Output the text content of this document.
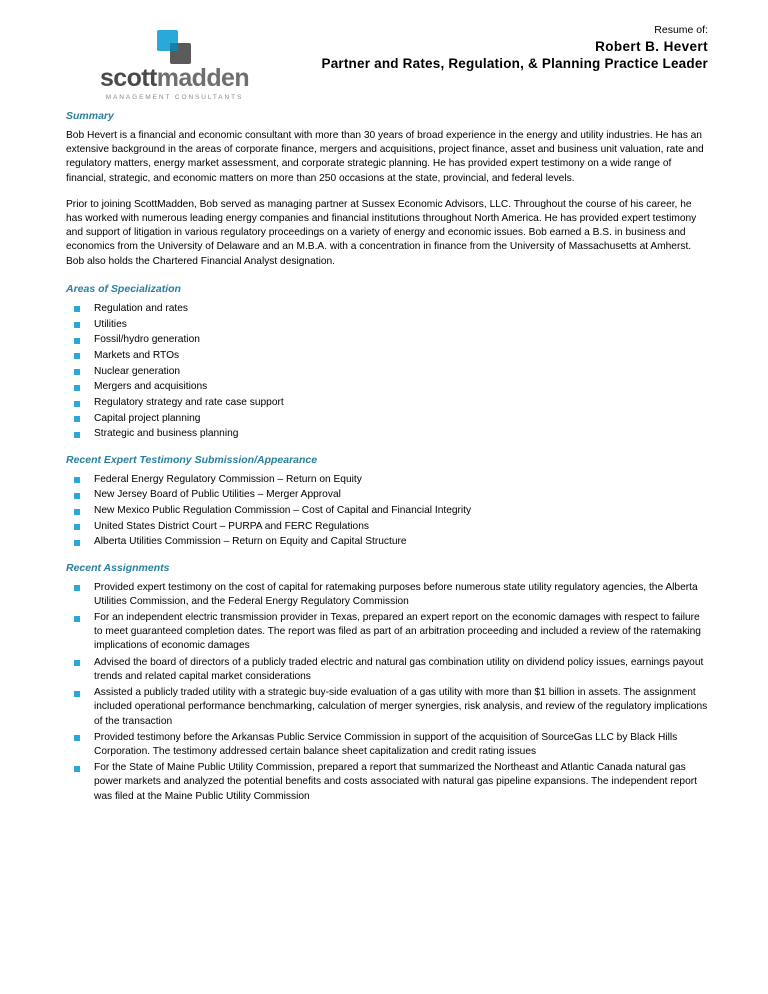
scottmadden
MANAGEMENT CONSULTANTS
Resume of:
Robert B. Hevert
Partner and Rates, Regulation, & Planning Practice Leader
Summary

Bob Hevert is a financial and economic consultant with more than 30 years of broad experience in the energy and utility industries. He has an extensive background in the areas of corporate finance, mergers and acquisitions, project finance, asset and business unit valuation, rate and regulatory matters, energy market assessment, and corporate strategic planning. He has provided expert testimony on a wide range of financial, strategic, and economic matters on more than 250 occasions at the state, provincial, and federal levels.

Prior to joining ScottMadden, Bob served as managing partner at Sussex Economic Advisors, LLC. Throughout the course of his career, he has worked with numerous leading energy companies and financial institutions throughout North America. He has provided expert testimony and support of litigation in various regulatory proceedings on a variety of energy and economic issues. Bob earned a B.S. in business and economics from the University of Delaware and an M.B.A. with a concentration in finance from the University of Massachusetts at Amherst. Bob also holds the Chartered Financial Analyst designation.

Areas of Specialization
Regulation and rates
Utilities
Fossil/hydro generation
Markets and RTOs
Nuclear generation
Mergers and acquisitions
Regulatory strategy and rate case support
Capital project planning
Strategic and business planning
Recent Expert Testimony Submission/Appearance
Federal Energy Regulatory Commission – Return on Equity
New Jersey Board of Public Utilities – Merger Approval
New Mexico Public Regulation Commission – Cost of Capital and Financial Integrity
United States District Court – PURPA and FERC Regulations
Alberta Utilities Commission – Return on Equity and Capital Structure
Recent Assignments
Provided expert testimony on the cost of capital for ratemaking purposes before numerous state utility regulatory agencies, the Alberta Utilities Commission, and the Federal Energy Regulatory Commission
For an independent electric transmission provider in Texas, prepared an expert report on the economic damages with respect to failure to meet guaranteed completion dates. The report was filed as part of an arbitration proceeding and included a review of the ratemaking implications of economic damages
Advised the board of directors of a publicly traded electric and natural gas combination utility on dividend policy issues, earnings payout trends and related capital market considerations
Assisted a publicly traded utility with a strategic buy-side evaluation of a gas utility with more than $1 billion in assets. The assignment included operational performance benchmarking, calculation of merger synergies, risk analysis, and review of the regulatory implications of the transaction
Provided testimony before the Arkansas Public Service Commission in support of the acquisition of SourceGas LLC by Black Hills Corporation. The testimony addressed certain balance sheet capitalization and credit rating issues
For the State of Maine Public Utility Commission, prepared a report that summarized the Northeast and Atlantic Canada natural gas power markets and analyzed the potential benefits and costs associated with natural gas pipeline expansions. The independent report was filed at the Maine Public Utility Commission
